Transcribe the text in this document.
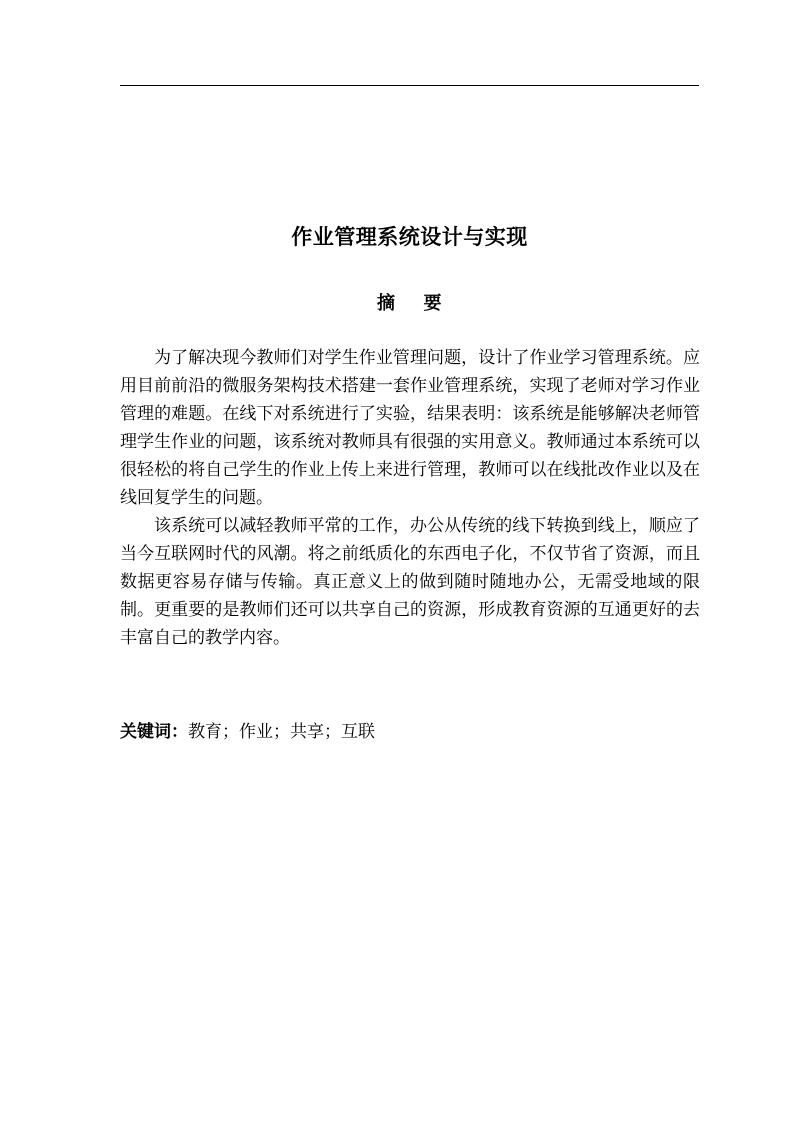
作业管理系统设计与实现
摘 要

为了解决现今教师们对学生作业管理问题，设计了作业学习管理系统。应用目前前沿的微服务架构技术搭建一套作业管理系统，实现了老师对学习作业管理的难题。在线下对系统进行了实验，结果表明：该系统是能够解决老师管理学生作业的问题，该系统对教师具有很强的实用意义。教师通过本系统可以很轻松的将自己学生的作业上传上来进行管理，教师可以在线批改作业以及在线回复学生的问题。

该系统可以减轻教师平常的工作，办公从传统的线下转换到线上，顺应了当今互联网时代的风潮。将之前纸质化的东西电子化，不仅节省了资源，而且数据更容易存储与传输。真正意义上的做到随时随地办公，无需受地域的限制。更重要的是教师们还可以共享自己的资源，形成教育资源的互通更好的去丰富自己的教学内容。

关键词：教育；作业；共享；互联
